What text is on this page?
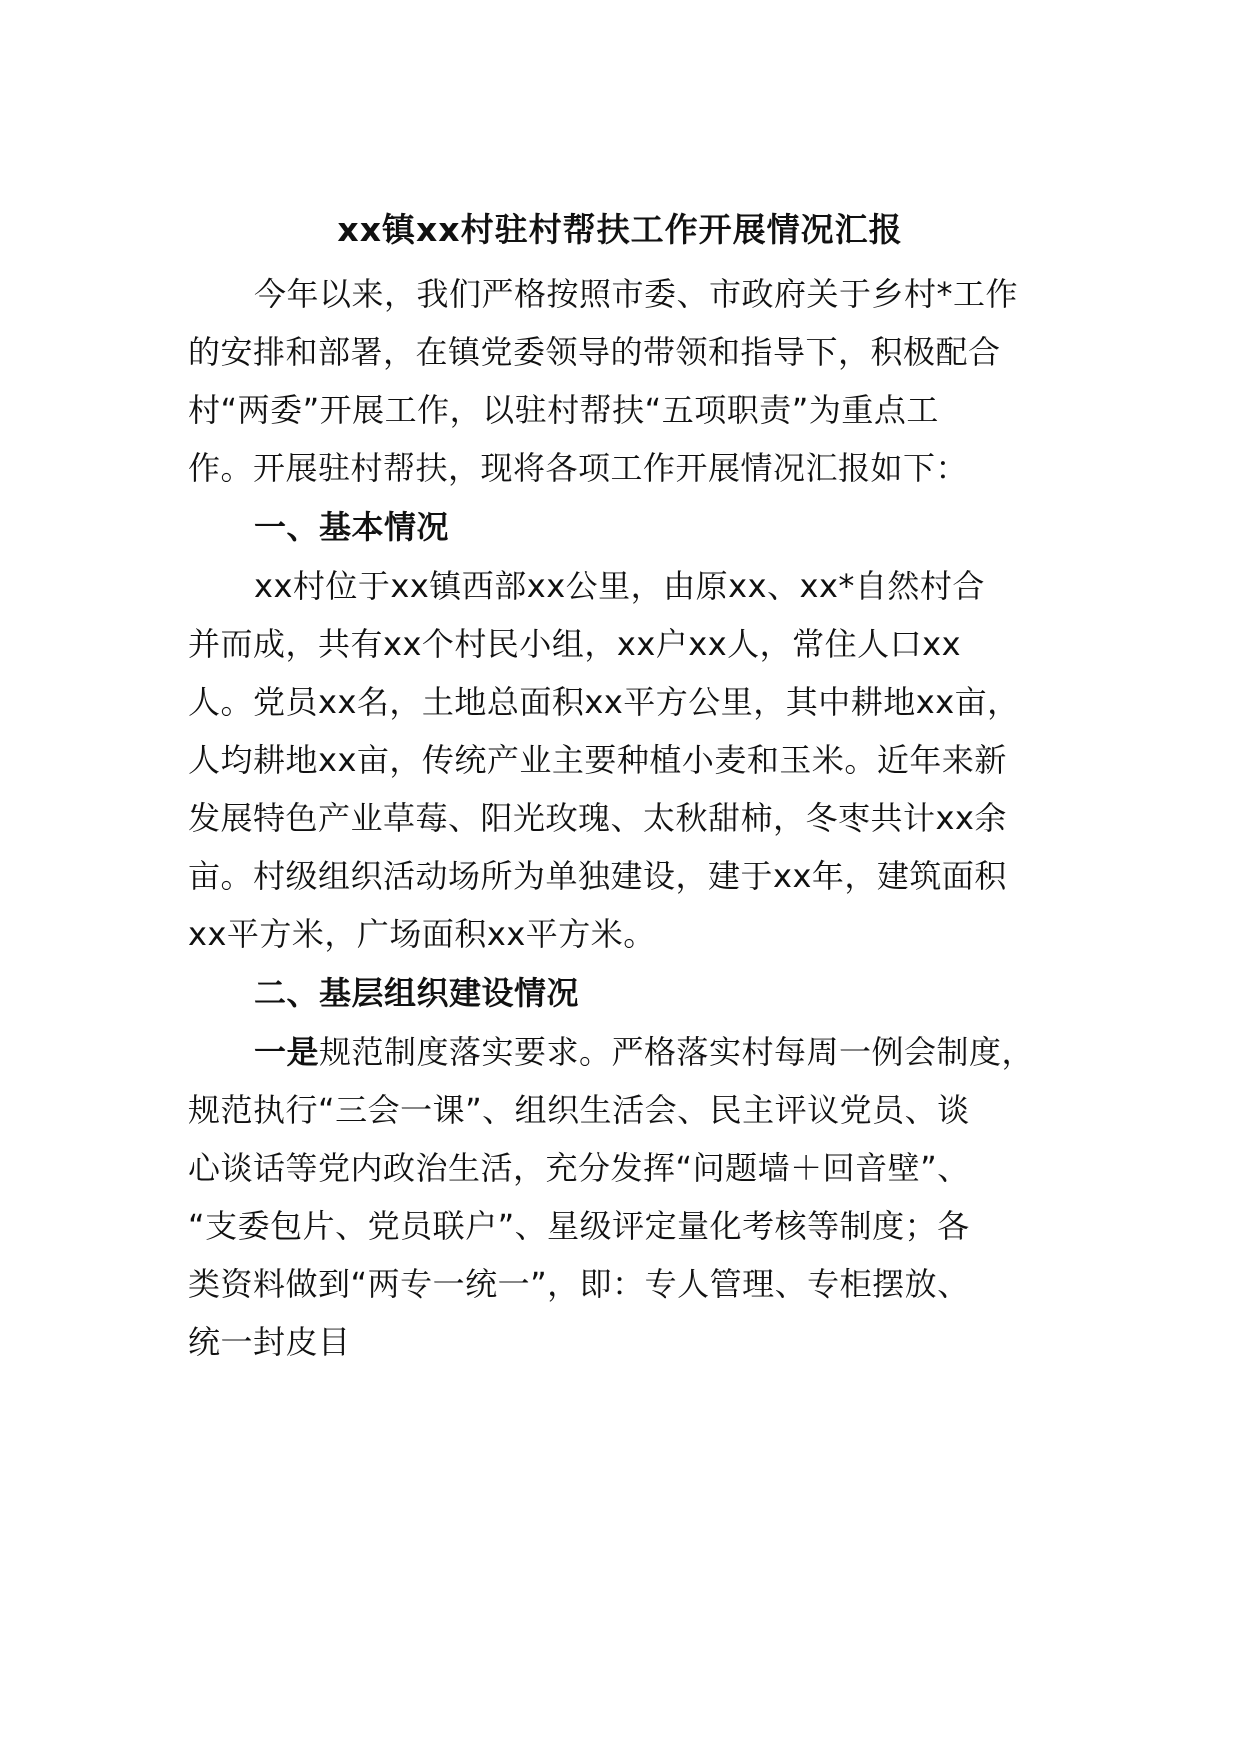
xx镇xx村驻村帮扶工作开展情况汇报
今年以来，我们严格按照市委、市政府关于乡村*工作
的安排和部署，在镇党委领导的带领和指导下，积极配合
村“两委”开展工作，以驻村帮扶“五项职责”为重点工
作。开展驻村帮扶，现将各项工作开展情况汇报如下：
一、基本情况
xx村位于xx镇西部xx公里，由原xx、xx*自然村合
并而成，共有xx个村民小组，xx户xx人，常住人口xx
人。党员xx名，土地总面积xx平方公里，其中耕地xx亩，
人均耕地xx亩，传统产业主要种植小麦和玉米。近年来新
发展特色产业草莓、阳光玫瑰、太秋甜柿，冬枣共计xx余
亩。村级组织活动场所为单独建设，建于xx年，建筑面积
xx平方米，广场面积xx平方米。
二、基层组织建设情况
一是规范制度落实要求。严格落实村每周一例会制度，
规范执行“三会一课”、组织生活会、民主评议党员、谈
心谈话等党内政治生活，充分发挥“问题墙＋回音壁”、
“支委包片、党员联户”、星级评定量化考核等制度；各
类资料做到“两专一统一”，即：专人管理、专柜摆放、
统一封皮目
